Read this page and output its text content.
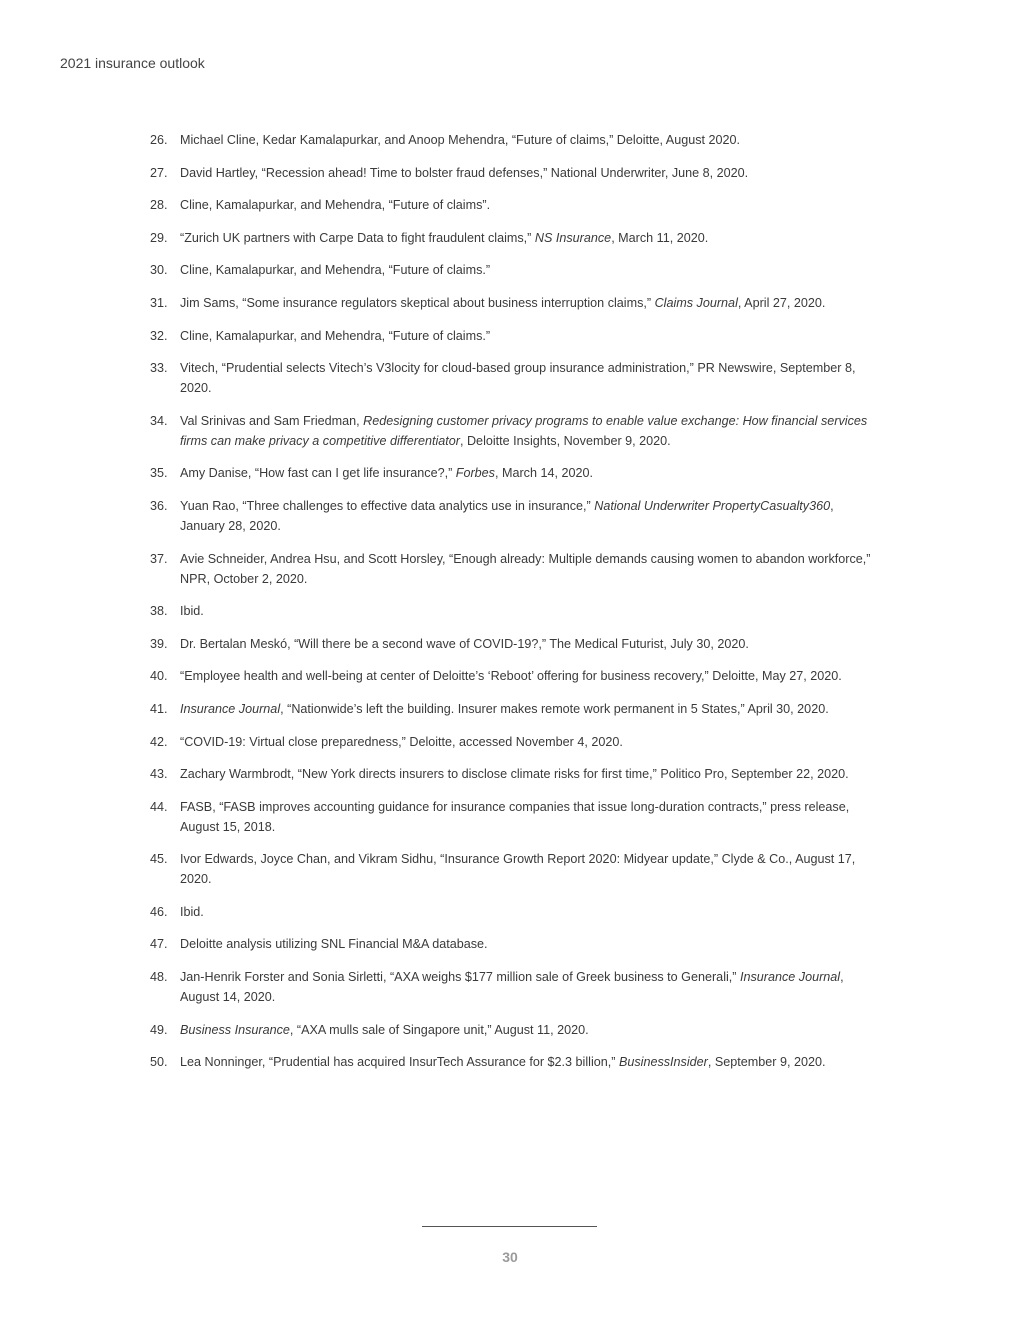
2021 insurance outlook
26. Michael Cline, Kedar Kamalapurkar, and Anoop Mehendra, “Future of claims,” Deloitte, August 2020.
27. David Hartley, “Recession ahead! Time to bolster fraud defenses,” National Underwriter, June 8, 2020.
28. Cline, Kamalapurkar, and Mehendra, “Future of claims”.
29. “Zurich UK partners with Carpe Data to fight fraudulent claims,” NS Insurance, March 11, 2020.
30. Cline, Kamalapurkar, and Mehendra, “Future of claims.”
31. Jim Sams, “Some insurance regulators skeptical about business interruption claims,” Claims Journal, April 27, 2020.
32. Cline, Kamalapurkar, and Mehendra, “Future of claims.”
33. Vitech, “Prudential selects Vitech’s V3locity for cloud-based group insurance administration,” PR Newswire, September 8, 2020.
34. Val Srinivas and Sam Friedman, Redesigning customer privacy programs to enable value exchange: How financial services firms can make privacy a competitive differentiator, Deloitte Insights, November 9, 2020.
35. Amy Danise, “How fast can I get life insurance?,” Forbes, March 14, 2020.
36. Yuan Rao, “Three challenges to effective data analytics use in insurance,” National Underwriter PropertyCasualty360, January 28, 2020.
37. Avie Schneider, Andrea Hsu, and Scott Horsley, “Enough already: Multiple demands causing women to abandon workforce,” NPR, October 2, 2020.
38. Ibid.
39. Dr. Bertalan Meskó, “Will there be a second wave of COVID-19?,” The Medical Futurist, July 30, 2020.
40. “Employee health and well-being at center of Deloitte’s ‘Reboot’ offering for business recovery,” Deloitte, May 27, 2020.
41. Insurance Journal, “Nationwide’s left the building. Insurer makes remote work permanent in 5 States,” April 30, 2020.
42. “COVID-19: Virtual close preparedness,” Deloitte, accessed November 4, 2020.
43. Zachary Warmbrodt, “New York directs insurers to disclose climate risks for first time,” Politico Pro, September 22, 2020.
44. FASB, “FASB improves accounting guidance for insurance companies that issue long-duration contracts,” press release, August 15, 2018.
45. Ivor Edwards, Joyce Chan, and Vikram Sidhu, “Insurance Growth Report 2020: Midyear update,” Clyde & Co., August 17, 2020.
46. Ibid.
47. Deloitte analysis utilizing SNL Financial M&A database.
48. Jan-Henrik Forster and Sonia Sirletti, “AXA weighs $177 million sale of Greek business to Generali,” Insurance Journal, August 14, 2020.
49. Business Insurance, “AXA mulls sale of Singapore unit,” August 11, 2020.
50. Lea Nonninger, “Prudential has acquired InsurTech Assurance for $2.3 billion,” BusinessInsider, September 9, 2020.
30
